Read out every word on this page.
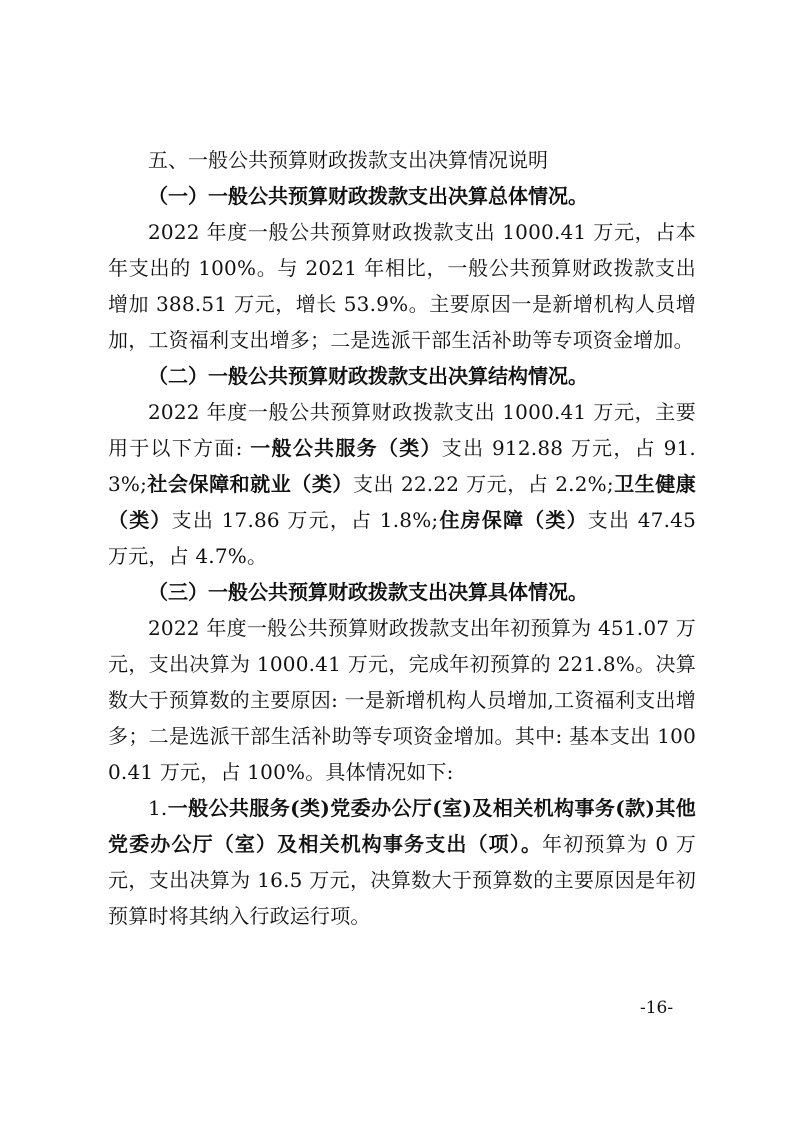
五、一般公共预算财政拨款支出决算情况说明

（一）一般公共预算财政拨款支出决算总体情况。

2022 年度一般公共预算财政拨款支出 1000.41 万元，占本年支出的 100%。与 2021 年相比，一般公共预算财政拨款支出增加 388.51 万元，增长 53.9%。主要原因一是新增机构人员增加，工资福利支出增多；二是选派干部生活补助等专项资金增加。

（二）一般公共预算财政拨款支出决算结构情况。

2022 年度一般公共预算财政拨款支出 1000.41 万元，主要用于以下方面: 一般公共服务（类）支出 912.88 万元，占 91.3%;社会保障和就业（类）支出 22.22 万元，占 2.2%;卫生健康（类）支出 17.86 万元，占 1.8%;住房保障（类）支出 47.45 万元，占 4.7%。

（三）一般公共预算财政拨款支出决算具体情况。

2022 年度一般公共预算财政拨款支出年初预算为 451.07 万元，支出决算为 1000.41 万元，完成年初预算的 221.8%。决算数大于预算数的主要原因: 一是新增机构人员增加,工资福利支出增多；二是选派干部生活补助等专项资金增加。其中: 基本支出 1000.41 万元，占 100%。具体情况如下:

1.一般公共服务(类)党委办公厅(室)及相关机构事务(款)其他党委办公厅（室）及相关机构事务支出（项）。年初预算为 0 万元，支出决算为 16.5 万元，决算数大于预算数的主要原因是年初预算时将其纳入行政运行项。

-16-
